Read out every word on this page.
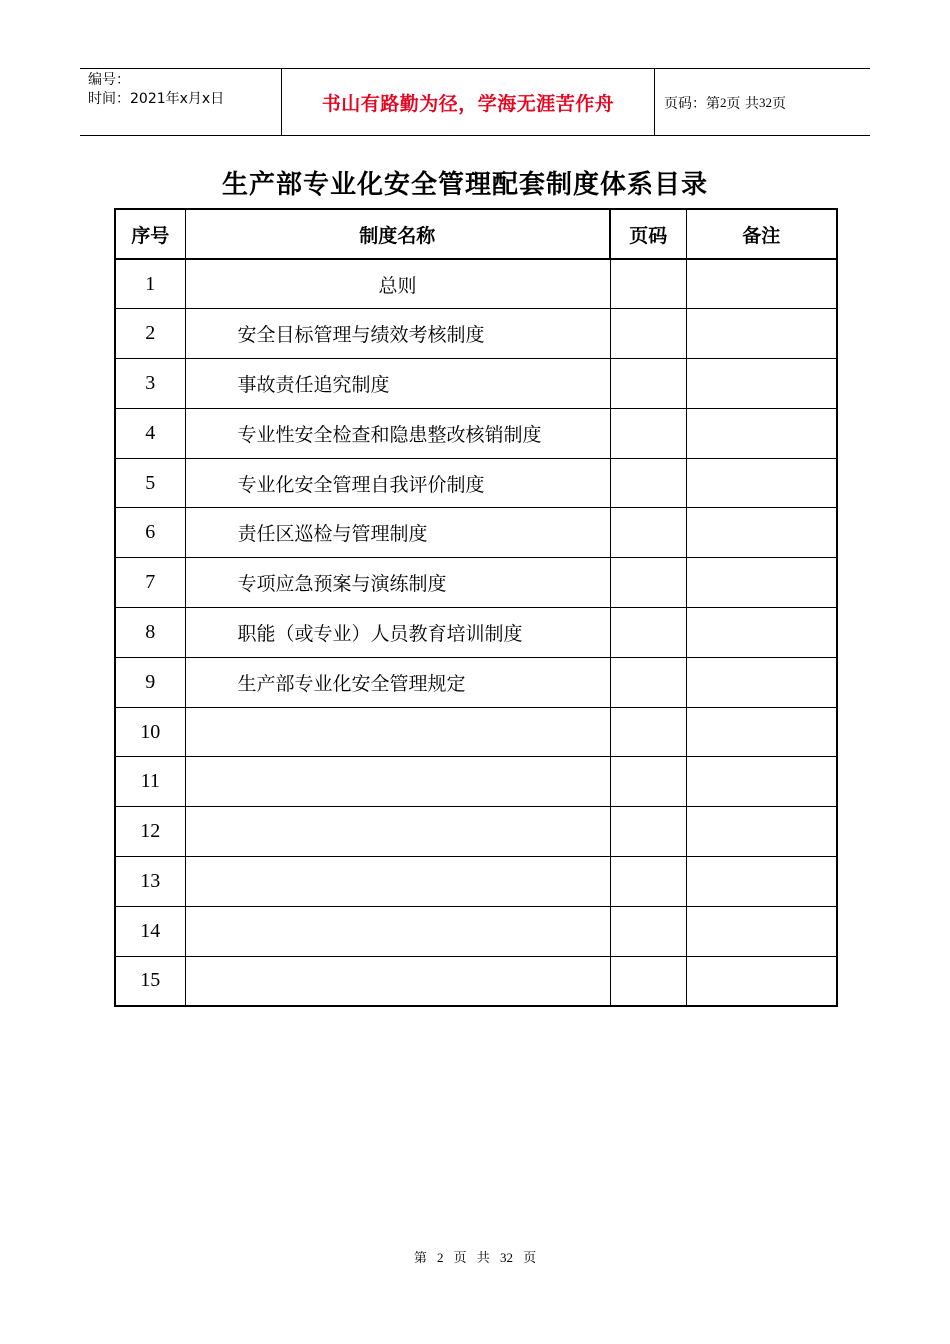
编号：
时间：2021年x月x日	书山有路勤为径，学海无涯苦作舟	页码：第 2 页 共 32 页
生产部专业化安全管理配套制度体系目录
序号	制度名称	页码	备注
1	总则		
2	安全目标管理与绩效考核制度		
3	事故责任追究制度		
4	专业性安全检查和隐患整改核销制度		
5	专业化安全管理自我评价制度		
6	责任区巡检与管理制度		
7	专项应急预案与演练制度		
8	职能（或专业）人员教育培训制度		
9	生产部专业化安全管理规定		
10			
11			
12			
13			
14			
15			
第 2 页 共 32 页
